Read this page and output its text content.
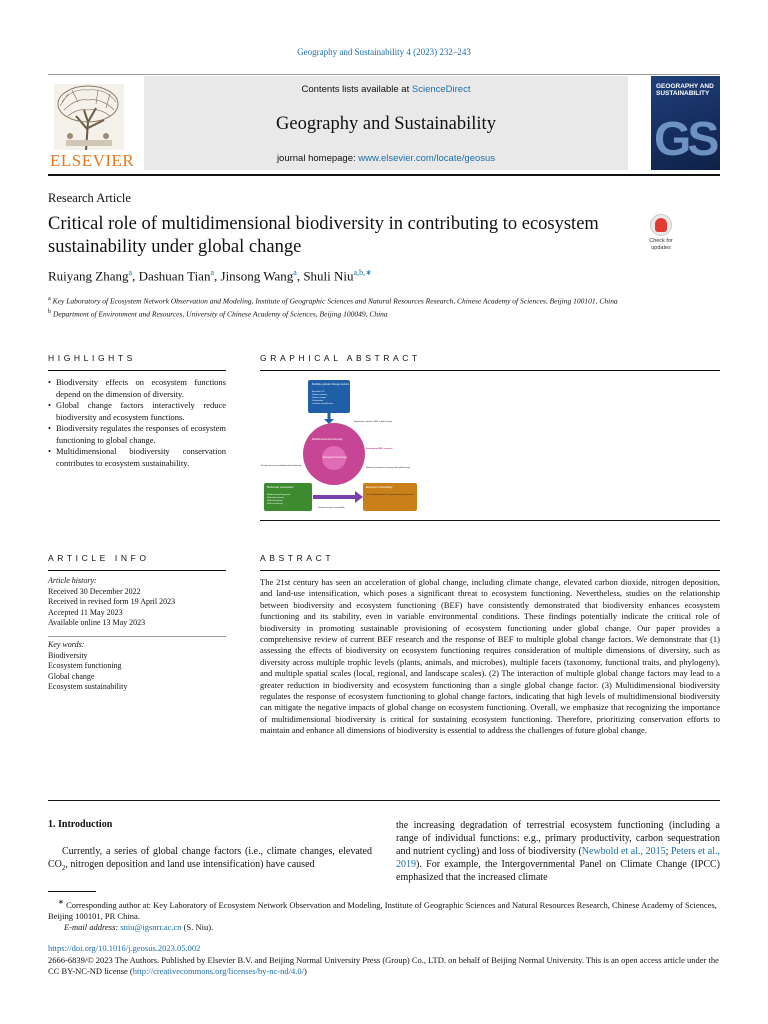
Geography and Sustainability 4 (2023) 232–243
ELSEVIER
Contents lists available at ScienceDirect
Geography and Sustainability
journal homepage: www.elsevier.com/locate/geosus
GEOGRAPHY AND
SUSTAINABILITY
GS
Research Article
Critical role of multidimensional biodiversity in contributing to ecosystem sustainability under global change	Check for updates
Ruiyang Zhang$^a$, Dashuan Tian$^a$, Jinsong Wang$^a$, Shuli Niu$^{a,b,∗}$
$^a$ Key Laboratory of Ecosystem Network Observation and Modeling, Institute of Geographic Sciences and Natural Resources Research, Chinese Academy of Sciences, Beijing 100101, China
$^b$ Department of Environment and Resources, University of Chinese Academy of Sciences, Beijing 100049, China
HIGHLIGHTS
• Biodiversity effects on ecosystem functions depend on the dimension of diversity.
• Global change factors interactively reduce biodiversity and ecosystem functions.
• Biodiversity regulates the responses of ecosystem functioning to global change.
• Multidimensional biodiversity conservation contributes to ecosystem sustainability.
GRAPHICAL ABSTRACT
Multiple global change factors
Elevated CO2
Climate warming
Climate change
N deposition
Land-use intensification
Multidimensional biodiversity
Ecosystem functioning
Exploring the response of BEF to global change
Developing BEF research
Raising awareness of multidimensional biodiversity
Maintaining ecosystem functioning under global change
Biodiversity conservation
Multidimensional Perspective
Multi-trophic diversity
Multi-facet diversity
Multi-scale diversity
Ecosystem Sustainability
The sustainable provision of ecosystem functioning and services
Towards ecosystem sustainability
ARTICLE INFO
Article history:
Received 30 December 2022
Received in revised form 19 April 2023
Accepted 11 May 2023
Available online 13 May 2023
Key words:
Biodiversity
Ecosystem functioning
Global change
Ecosystem sustainability
ABSTRACT
The 21st century has seen an acceleration of global change, including climate change, elevated carbon dioxide, nitrogen deposition, and land-use intensification, which poses a significant threat to ecosystem functioning. Nevertheless, studies on the relationship between biodiversity and ecosystem functioning (BEF) have consistently demonstrated that biodiversity enhances ecosystem functioning and its stability, even in variable environmental conditions. These findings potentially indicate the critical role of biodiversity in promoting sustainable provisioning of ecosystem functioning under global change. Our paper provides a comprehensive review of current BEF research and the response of BEF to multiple global change factors. We demonstrate that (1) assessing the effects of biodiversity on ecosystem functioning requires consideration of multiple dimensions of diversity, such as diversity across multiple trophic levels (plants, animals, and microbes), multiple facets (taxonomy, functional traits, and phylogeny), and multiple spatial scales (local, regional, and landscape scales). (2) The interaction of multiple global change factors may lead to a greater reduction in biodiversity and ecosystem functioning than a single global change factor. (3) Multidimensional biodiversity regulates the response of ecosystem functioning to global change factors, indicating that high levels of multidimensional biodiversity can mitigate the negative impacts of global change on ecosystem functioning. Overall, we emphasize that recognizing the importance of multidimensional biodiversity is critical for sustaining ecosystem functioning. Therefore, prioritizing conservation efforts to maintain and enhance all dimensions of biodiversity is essential to address the challenges of future global change.
1. Introduction
Currently, a series of global change factors (i.e., climate changes, elevated $CO_2$, nitrogen deposition and land use intensification) have caused
the increasing degradation of terrestrial ecosystem functioning (including a range of individual functions: e.g., primary productivity, carbon sequestration and nutrient cycling) and loss of biodiversity (Newbold et al., 2015; Peters et al., 2019). For example, the Intergovernmental Panel on Climate Change (IPCC) emphasized that the increased climate
∗ Corresponding author at: Key Laboratory of Ecosystem Network Observation and Modeling, Institute of Geographic Sciences and Natural Resources Research, Chinese Academy of Sciences, Beijing 100101, PR China.
E-mail address: sniu@igsnrr.ac.cn (S. Niu).
https://doi.org/10.1016/j.geosus.2023.05.002
2666-6839/© 2023 The Authors. Published by Elsevier B.V. and Beijing Normal University Press (Group) Co., LTD. on behalf of Beijing Normal University. This is an open access article under the CC BY-NC-ND license (http://creativecommons.org/licenses/by-nc-nd/4.0/)
